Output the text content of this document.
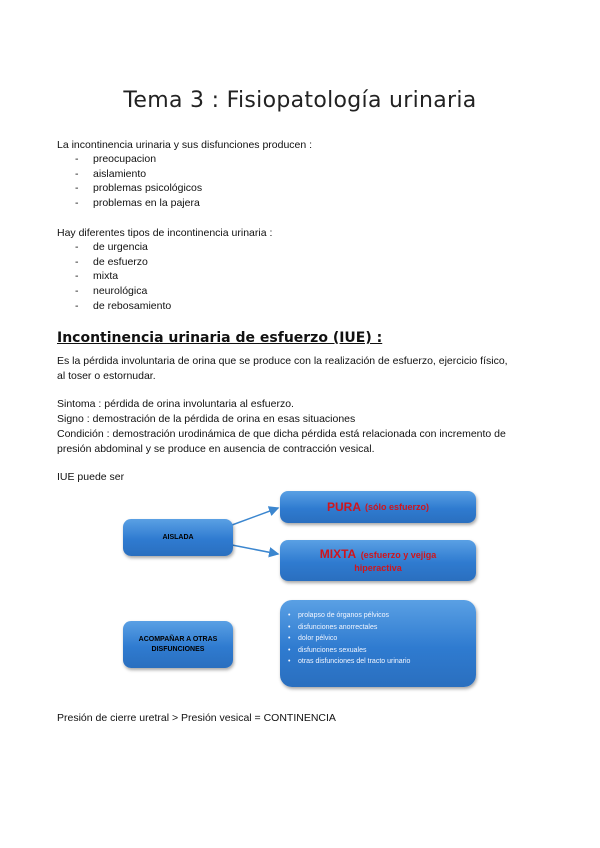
Tema 3 : Fisiopatología urinaria
La incontinencia urinaria y sus disfunciones producen :
- preocupacion
- aislamiento
- problemas psicológicos
- problemas en la pajera
Hay diferentes tipos de incontinencia urinaria :
- de urgencia
- de esfuerzo
- mixta
- neurológica
- de rebosamiento
Incontinencia urinaria de esfuerzo (IUE) :
Es la pérdida involuntaria de orina que se produce con la realización de esfuerzo, ejercicio físico,
al toser o estornudar.
Sintoma : pérdida de orina involuntaria al esfuerzo.
Signo : demostración de la pérdida de orina en esas situaciones
Condición : demostración urodinámica de que dicha pérdida está relacionada con incremento de
presión abdominal y se produce en ausencia de contracción vesical.
IUE puede ser
AISLADA
PURA (sólo esfuerzo)
MIXTA (esfuerzo y vejiga
hiperactiva
ACOMPAÑAR A OTRAS
DISFUNCIONES
• prolapso de órganos pélvicos
• disfunciones anorrectales
• dolor pélvico
• disfunciones sexuales
• otras disfunciones del tracto urinario
Presión de cierre uretral > Presión vesical = CONTINENCIA
